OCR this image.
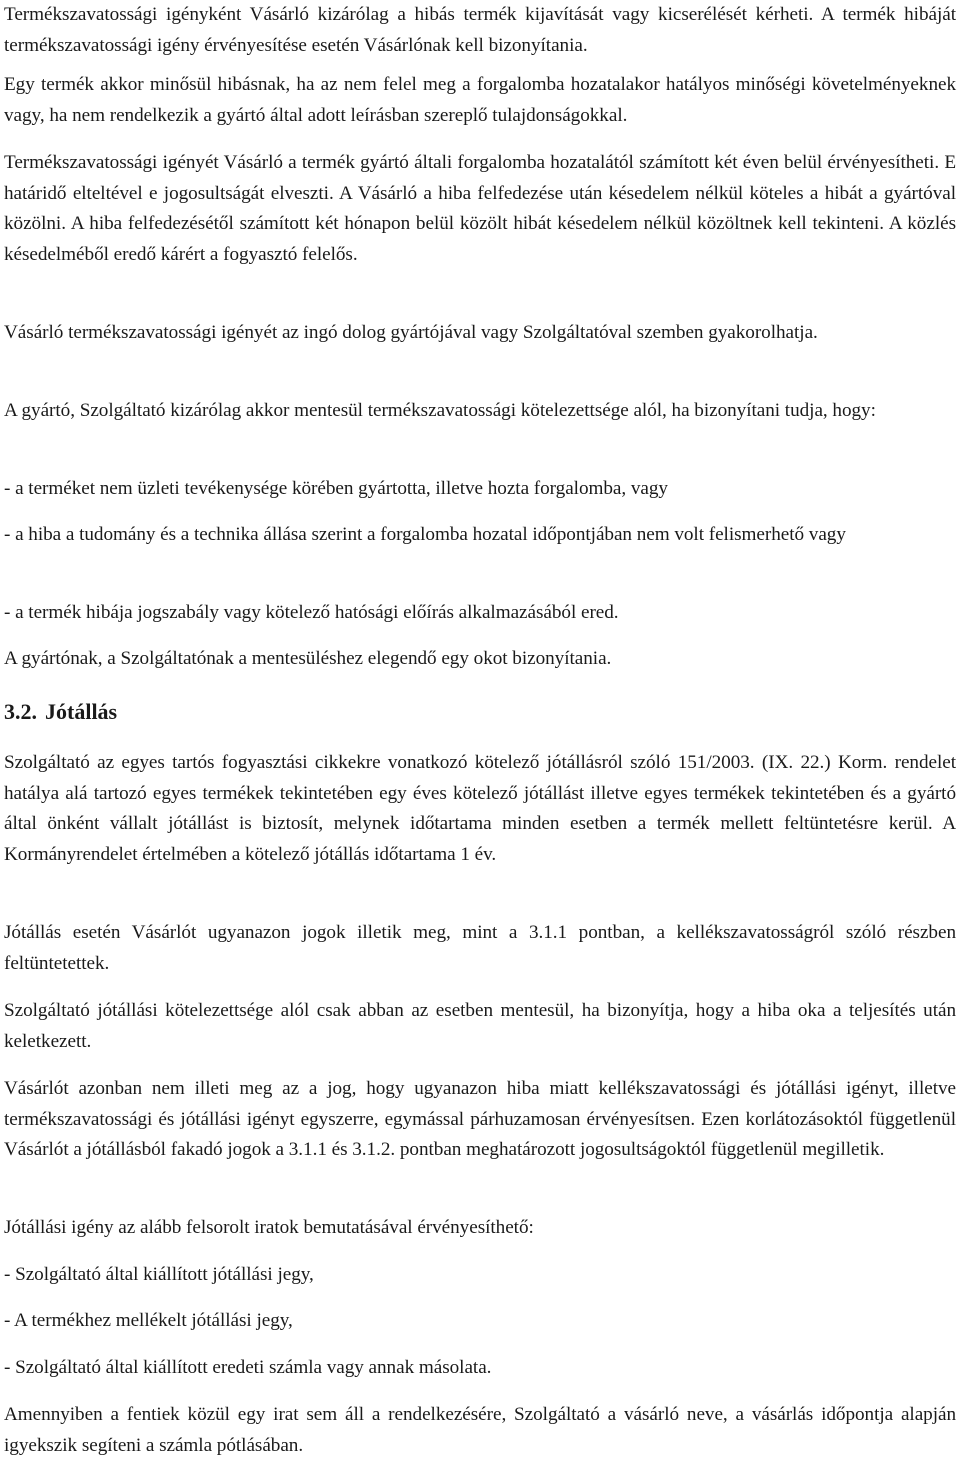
Termékszavatossági igényként Vásárló kizárólag a hibás termék kijavítását vagy kicserélését kérheti. A termék hibáját termékszavatossági igény érvényesítése esetén Vásárlónak kell bizonyítania.

Egy termék akkor minősül hibásnak, ha az nem felel meg a forgalomba hozatalakor hatályos minőségi követelményeknek vagy, ha nem rendelkezik a gyártó által adott leírásban szereplő tulajdonságokkal.

Termékszavatossági igényét Vásárló a termék gyártó általi forgalomba hozatalától számított két éven belül érvényesítheti. E határidő elteltével e jogosultságát elveszti. A Vásárló a hiba felfedezése után késedelem nélkül köteles a hibát a gyártóval közölni. A hiba felfedezésétől számított két hónapon belül közölt hibát késedelem nélkül közöltnek kell tekinteni. A közlés késedelméből eredő kárért a fogyasztó felelős.

Vásárló termékszavatossági igényét az ingó dolog gyártójával vagy Szolgáltatóval szemben gyakorolhatja.

A gyártó, Szolgáltató kizárólag akkor mentesül termékszavatossági kötelezettsége alól, ha bizonyítani tudja, hogy:

- a terméket nem üzleti tevékenysége körében gyártotta, illetve hozta forgalomba, vagy

- a hiba a tudomány és a technika állása szerint a forgalomba hozatal időpontjában nem volt felismerhető vagy

- a termék hibája jogszabály vagy kötelező hatósági előírás alkalmazásából ered.

A gyártónak, a Szolgáltatónak a mentesüléshez elegendő egy okot bizonyítania.

3.2. Jótállás

Szolgáltató az egyes tartós fogyasztási cikkekre vonatkozó kötelező jótállásról szóló 151/2003. (IX. 22.) Korm. rendelet hatálya alá tartozó egyes termékek tekintetében egy éves kötelező jótállást illetve egyes termékek tekintetében és a gyártó által önként vállalt jótállást is biztosít, melynek időtartama minden esetben a termék mellett feltüntetésre kerül. A Kormányrendelet értelmében a kötelező jótállás időtartama 1 év.

Jótállás esetén Vásárlót ugyanazon jogok illetik meg, mint a 3.1.1 pontban, a kellékszavatosságról szóló részben feltüntetettek.

Szolgáltató jótállási kötelezettsége alól csak abban az esetben mentesül, ha bizonyítja, hogy a hiba oka a teljesítés után keletkezett.

Vásárlót azonban nem illeti meg az a jog, hogy ugyanazon hiba miatt kellékszavatossági és jótállási igényt, illetve termékszavatossági és jótállási igényt egyszerre, egymással párhuzamosan érvényesítsen. Ezen korlátozásoktól függetlenül Vásárlót a jótállásból fakadó jogok a 3.1.1 és 3.1.2. pontban meghatározott jogosultságoktól függetlenül megilletik.

Jótállási igény az alább felsorolt iratok bemutatásával érvényesíthető:

- Szolgáltató által kiállított jótállási jegy,

- A termékhez mellékelt jótállási jegy,

- Szolgáltató által kiállított eredeti számla vagy annak másolata.

Amennyiben a fentiek közül egy irat sem áll a rendelkezésére, Szolgáltató a vásárló neve, a vásárlás időpontja alapján igyekszik segíteni a számla pótlásában.
